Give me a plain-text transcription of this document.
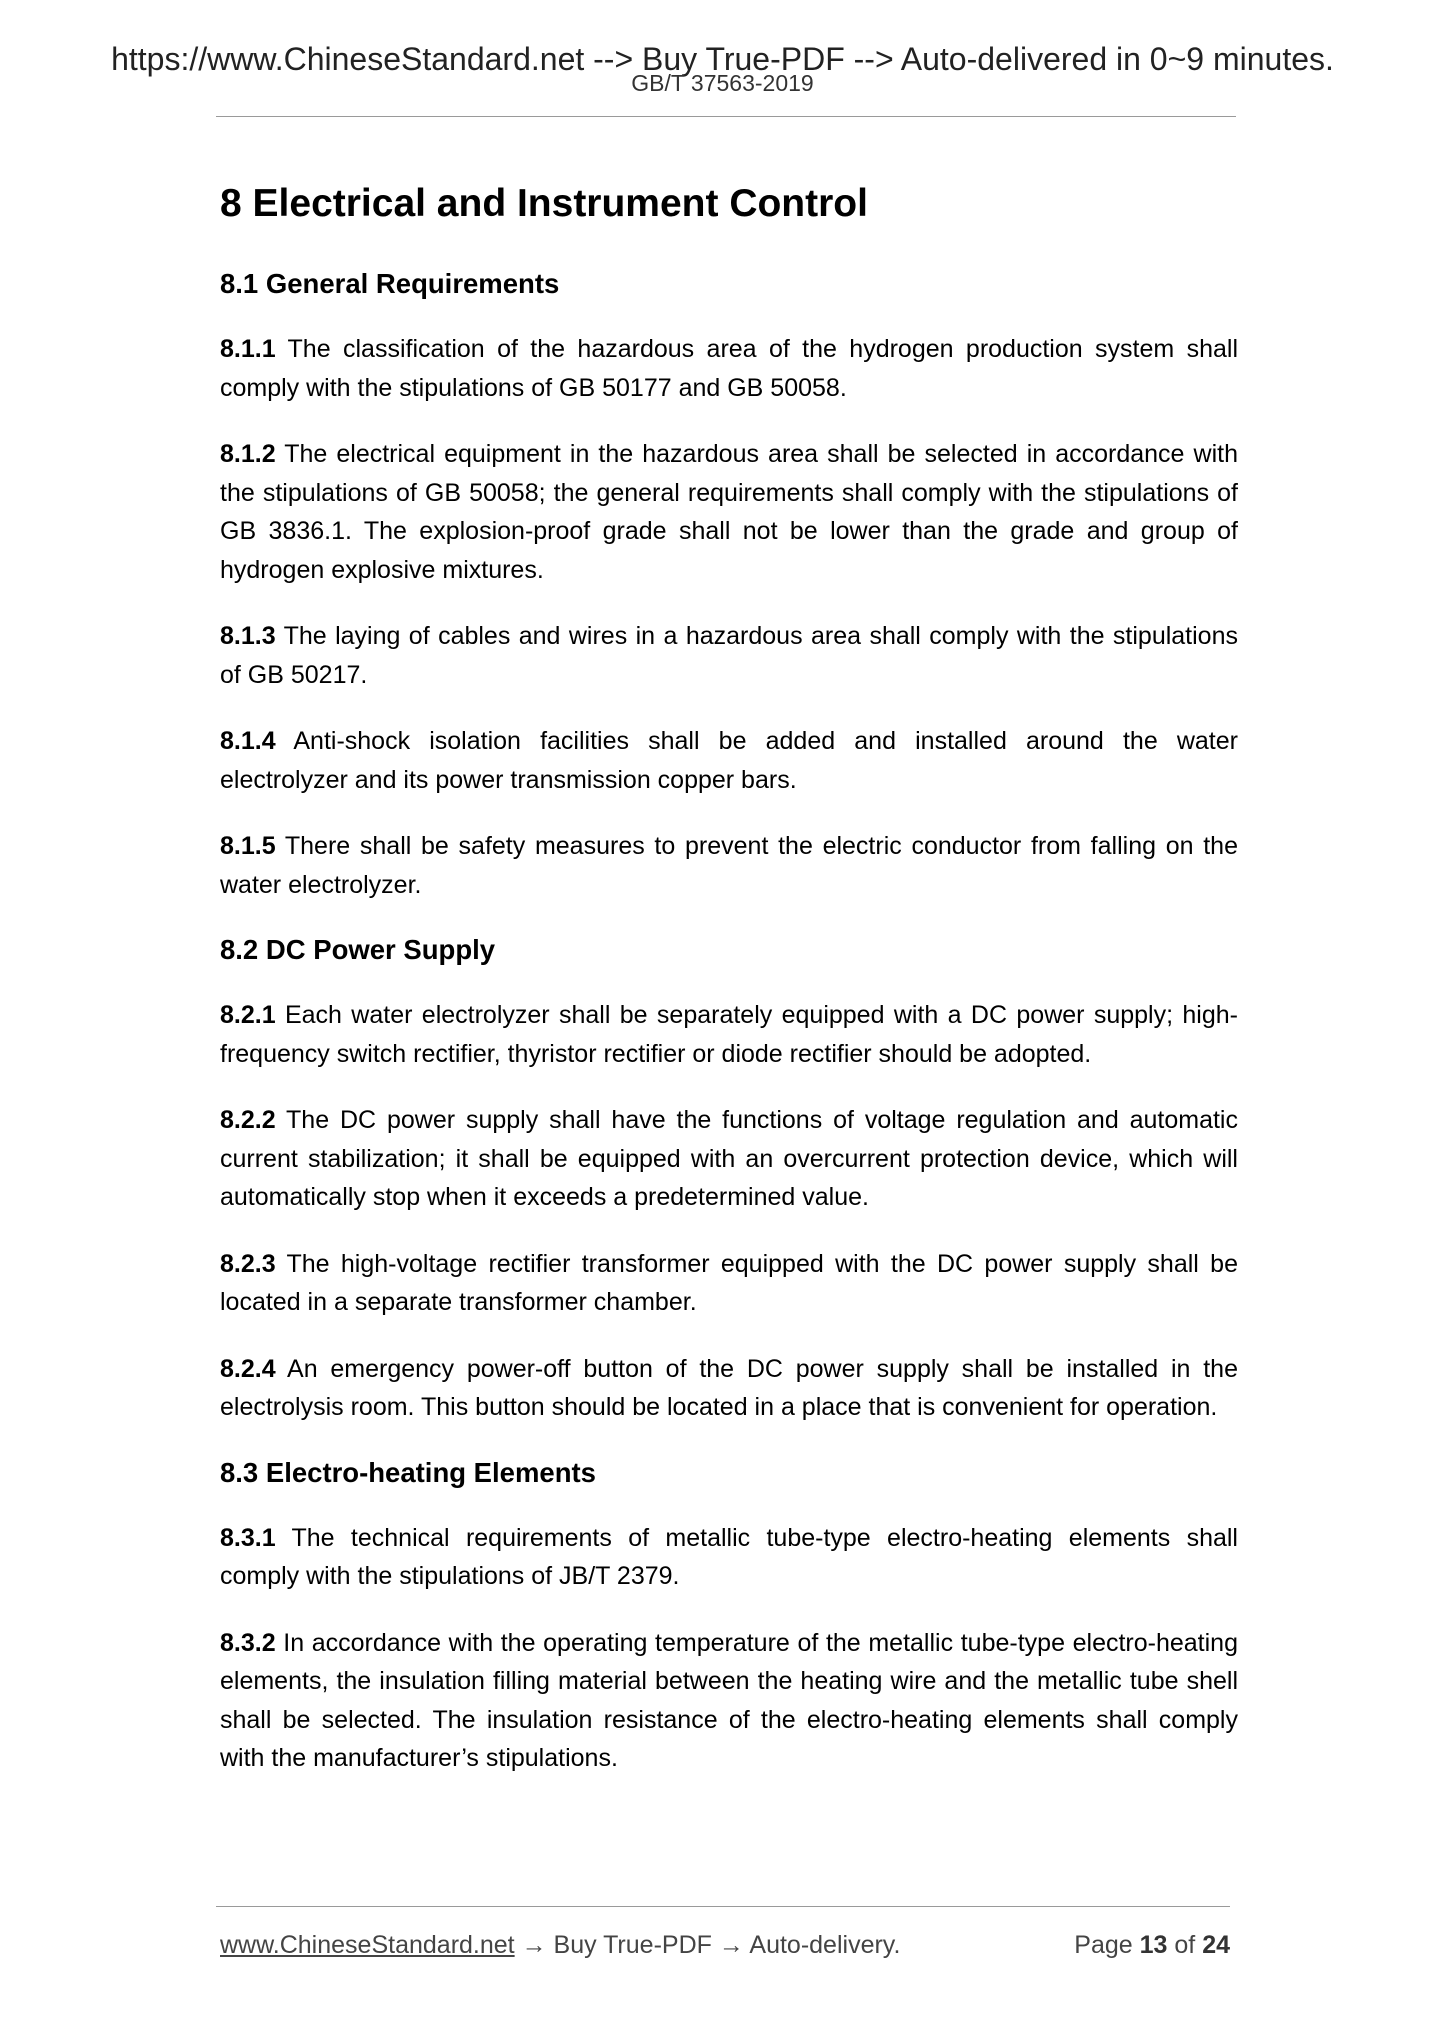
https://www.ChineseStandard.net --> Buy True-PDF --> Auto-delivered in 0~9 minutes.
GB/T 37563-2019
8 Electrical and Instrument Control
8.1 General Requirements

8.1.1 The classification of the hazardous area of the hydrogen production system shall comply with the stipulations of GB 50177 and GB 50058.

8.1.2 The electrical equipment in the hazardous area shall be selected in accordance with the stipulations of GB 50058; the general requirements shall comply with the stipulations of GB 3836.1. The explosion-proof grade shall not be lower than the grade and group of hydrogen explosive mixtures.

8.1.3 The laying of cables and wires in a hazardous area shall comply with the stipulations of GB 50217.

8.1.4 Anti-shock isolation facilities shall be added and installed around the water electrolyzer and its power transmission copper bars.

8.1.5 There shall be safety measures to prevent the electric conductor from falling on the water electrolyzer.

8.2 DC Power Supply

8.2.1 Each water electrolyzer shall be separately equipped with a DC power supply; high-frequency switch rectifier, thyristor rectifier or diode rectifier should be adopted.

8.2.2 The DC power supply shall have the functions of voltage regulation and automatic current stabilization; it shall be equipped with an overcurrent protection device, which will automatically stop when it exceeds a predetermined value.

8.2.3 The high-voltage rectifier transformer equipped with the DC power supply shall be located in a separate transformer chamber.

8.2.4 An emergency power-off button of the DC power supply shall be installed in the electrolysis room. This button should be located in a place that is convenient for operation.

8.3 Electro-heating Elements

8.3.1 The technical requirements of metallic tube-type electro-heating elements shall comply with the stipulations of JB/T 2379.

8.3.2 In accordance with the operating temperature of the metallic tube-type electro-heating elements, the insulation filling material between the heating wire and the metallic tube shell shall be selected. The insulation resistance of the electro-heating elements shall comply with the manufacturer’s stipulations.

www.ChineseStandard.net → Buy True-PDF → Auto-delivery.	Page 13 of 24
